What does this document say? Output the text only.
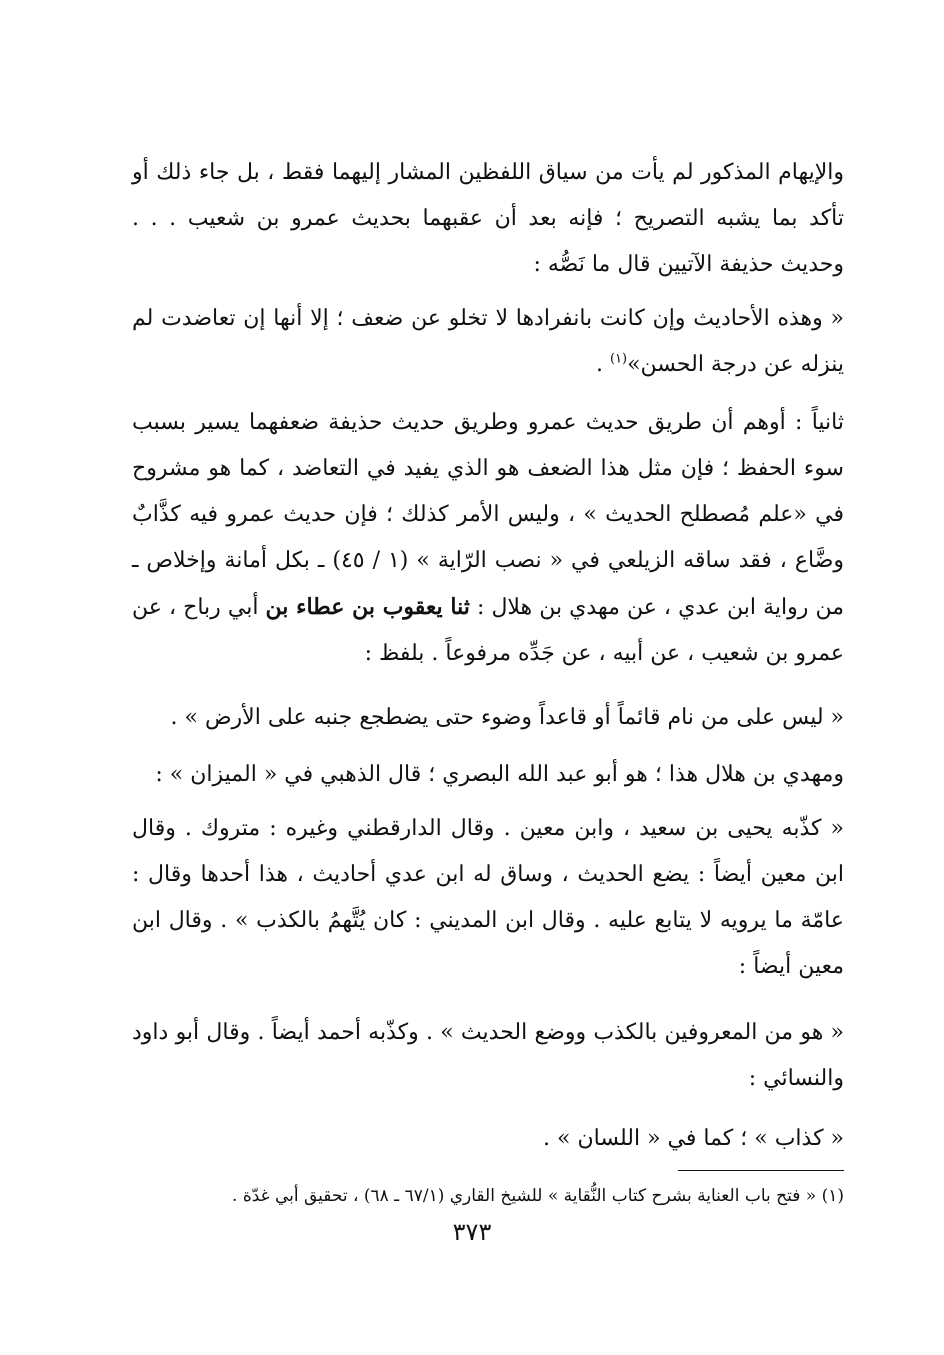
والإيهام المذكور لم يأت من سياق اللفظين المشار إليهما فقط ، بل جاء ذلك أو تأكد بما يشبه التصريح ؛ فإنه بعد أن عقبهما بحديث عمرو بن شعيب . . . وحديث حذيفة الآتيين قال ما نَصُّه :

« وهذه الأحاديث وإن كانت بانفرادها لا تخلو عن ضعف ؛ إلا أنها إن تعاضدت لم ينزله عن درجة الحسن»$^{(١)}$ .

ثانياً : أوهم أن طريق حديث عمرو وطريق حديث حذيفة ضعفهما يسير بسبب سوء الحفظ ؛ فإن مثل هذا الضعف هو الذي يفيد في التعاضد ، كما هو مشروح في «علم مُصطلح الحديث » ، وليس الأمر كذلك ؛ فإن حديث عمرو فيه كذَّابٌ وضَّاع ، فقد ساقه الزيلعي في « نصب الرّاية » (١ / ٤٥) ـ بكل أمانة وإخلاص ـ من رواية ابن عدي ، عن مهدي بن هلال : ثنا يعقوب بن عطاء بن أبي رباح ، عن عمرو بن شعيب ، عن أبيه ، عن جَدِّه مرفوعاً . بلفظ :

« ليس على من نام قائماً أو قاعداً وضوء حتى يضطجع جنبه على الأرض » .

ومهدي بن هلال هذا ؛ هو أبو عبد الله البصري ؛ قال الذهبي في « الميزان » :

« كذّبه يحيى بن سعيد ، وابن معين . وقال الدارقطني وغيره : متروك . وقال ابن معين أيضاً : يضع الحديث ، وساق له ابن عدي أحاديث ، هذا أحدها وقال : عامّة ما يرويه لا يتابع عليه . وقال ابن المديني : كان يُتَّهمُ بالكذب » . وقال ابن معين أيضاً :

« هو من المعروفين بالكذب ووضع الحديث » . وكذّبه أحمد أيضاً . وقال أبو داود والنسائي :

« كذاب » ؛ كما في « اللسان » .

(١) « فتح باب العناية بشرح كتاب النُّقاية » للشيخ القاري (٦٧/١ ـ ٦٨) ، تحقيق أبي غدّة .

٣٧٣
